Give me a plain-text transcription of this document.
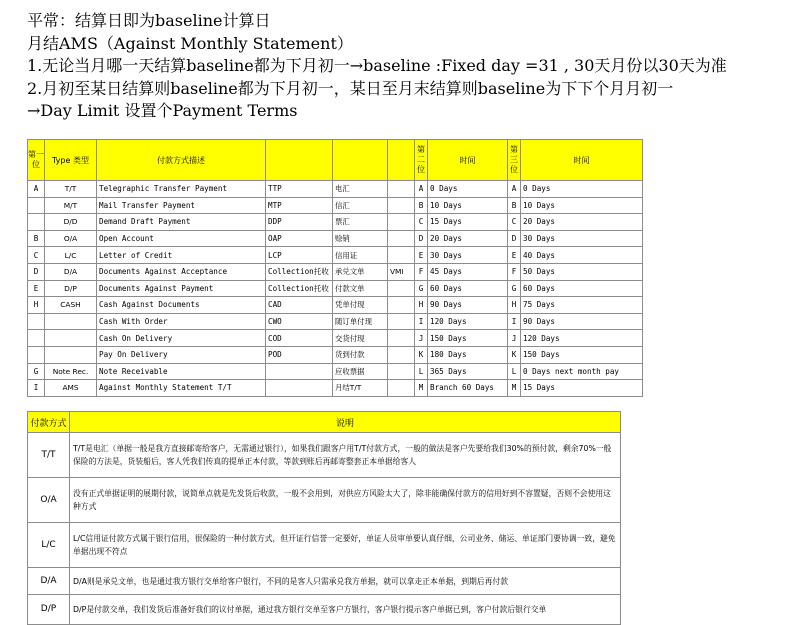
平常：结算日即为baseline计算日
月结AMS（Against Monthly Statement）
1.无论当月哪一天结算baseline都为下月初一→baseline :Fixed day =31 , 30天月份以30天为准
2.月初至某日结算则baseline都为下月初一，某日至月末结算则baseline为下下个月月初一
→Day Limit 设置个Payment Terms
第一位	Type 类型	付款方式描述				第二位	时间	第三位	时间
A	T/T	Telegraphic Transfer Payment	TTP	电汇		A	0 Days	A	0 Days
	M/T	Mail Transfer Payment	MTP	信汇		B	10 Days	B	10 Days
	D/D	Demand Draft Payment	DDP	票汇		C	15 Days	C	20 Days
B	O/A	Open Account	OAP	赊销		D	20 Days	D	30 Days
C	L/C	Letter of Credit	LCP	信用证		E	30 Days	E	40 Days
D	D/A	Documents Against Acceptance	Collection托收	承兑文单	VMI	F	45 Days	F	50 Days
E	D/P	Documents Against Payment	Collection托收	付款文单		G	60 Days	G	60 Days
H	CASH	Cash Against Documents	CAD	凭单付现		H	90 Days	H	75 Days
		Cash With Order	CWO	随订单付现		I	120 Days	I	90 Days
		Cash On Delivery	COD	交货付现		J	150 Days	J	120 Days
		Pay On Delivery	POD	货到付款		K	180 Days	K	150 Days
G	Note Rec.	Note Receivable		应收票据		L	365 Days	L	0 Days next month pay
I	AMS	Against Monthly Statement T/T		月结T/T		M	Branch 60 Days	M	15 Days
付款方式	说明
T/T	T/T是电汇（单据一般是我方直接邮寄给客户，无需通过银行），如果我们跟客户用T/T付款方式，一般的做法是客户先要给我们30%的预付款，剩余70%一般保险的方法是，货装船后，客人凭我们传真的提单正本付款，等款到账后再邮寄整套正本单据给客人
O/A	没有正式单据证明的展期付款，说简单点就是先发货后收款，一般不会用到，对供应方风险太大了，除非能确保付款方的信用好到不容置疑，否则不会使用这种方式
L/C	L/C信用证付款方式属于银行信用，很保险的一种付款方式，但开证行信誉一定要好，单证人员审单要认真仔细，公司业务、储运、单证部门要协调一致，避免单据出现不符点
D/A	D/A则是承兑文单，也是通过我方银行交单给客户银行，不同的是客人只需承兑我方单据，就可以拿走正本单据，到期后再付款
D/P	D/P是付款交单，我们发货后准备好我们的议付单据，通过我方银行交单至客户方银行，客户银行提示客户单据已到，客户付款后银行交单
